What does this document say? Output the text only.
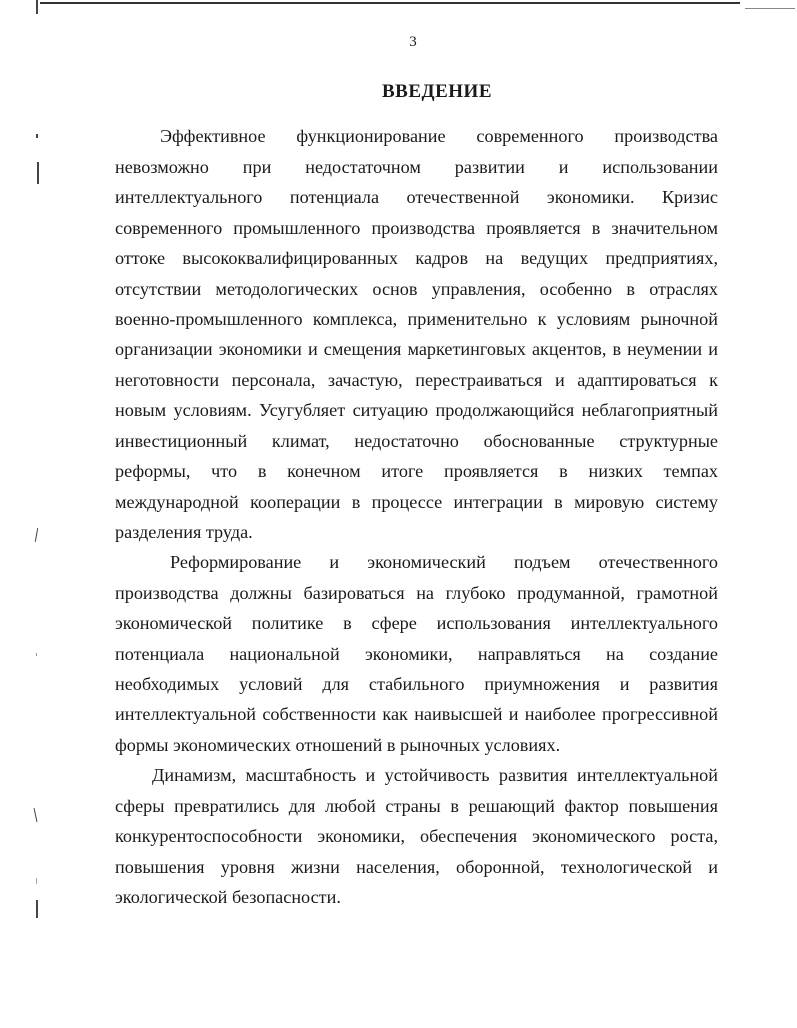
3
ВВЕДЕНИЕ
Эффективное функционирование современного производства
невозможно при недостаточном развитии и использовании
интеллектуального потенциала отечественной экономики. Кризис
современного промышленного производства проявляется в значительном
оттоке высококвалифицированных кадров на ведущих предприятиях,
отсутствии методологических основ управления, особенно в отраслях
военно-промышленного комплекса, применительно к условиям рыночной
организации экономики и смещения маркетинговых акцентов, в неумении и
неготовности персонала, зачастую, перестраиваться и адаптироваться к
новым условиям. Усугубляет ситуацию продолжающийся неблагоприятный
инвестиционный климат, недостаточно обоснованные структурные
реформы, что в конечном итоге проявляется в низких темпах
международной кооперации в процессе интеграции в мировую систему
разделения труда.
Реформирование и экономический подъем отечественного
производства должны базироваться на глубоко продуманной, грамотной
экономической политике в сфере использования интеллектуального
потенциала национальной экономики, направляться на создание
необходимых условий для стабильного приумножения и развития
интеллектуальной собственности как наивысшей и наиболее прогрессивной
формы экономических отношений в рыночных условиях.
Динамизм, масштабность и устойчивость развития интеллектуальной
сферы превратились для любой страны в решающий фактор повышения
конкурентоспособности экономики, обеспечения экономического роста,
повышения уровня жизни населения, оборонной, технологической и
экологической безопасности.
